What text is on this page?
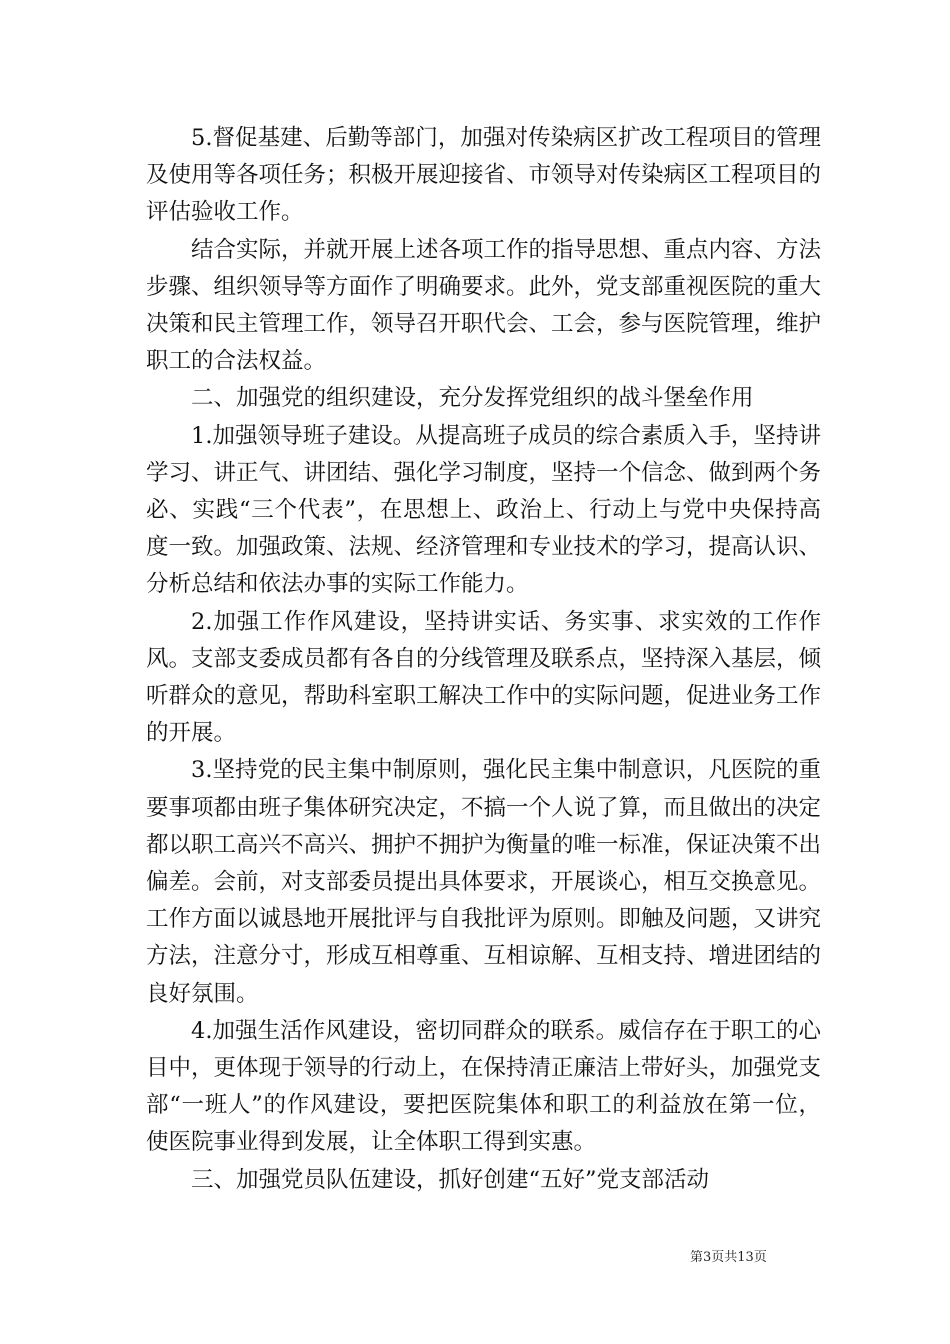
5.督促基建、后勤等部门，加强对传染病区扩改工程项目的管理及使用等各项任务；积极开展迎接省、市领导对传染病区工程项目的评估验收工作。

结合实际，并就开展上述各项工作的指导思想、重点内容、方法步骤、组织领导等方面作了明确要求。此外，党支部重视医院的重大决策和民主管理工作，领导召开职代会、工会，参与医院管理，维护职工的合法权益。

二、加强党的组织建设，充分发挥党组织的战斗堡垒作用

1.加强领导班子建设。从提高班子成员的综合素质入手，坚持讲学习、讲正气、讲团结、强化学习制度，坚持一个信念、做到两个务必、实践“三个代表”，在思想上、政治上、行动上与党中央保持高度一致。加强政策、法规、经济管理和专业技术的学习，提高认识、分析总结和依法办事的实际工作能力。

2.加强工作作风建设，坚持讲实话、务实事、求实效的工作作风。支部支委成员都有各自的分线管理及联系点，坚持深入基层，倾听群众的意见，帮助科室职工解决工作中的实际问题，促进业务工作的开展。

3.坚持党的民主集中制原则，强化民主集中制意识，凡医院的重要事项都由班子集体研究决定，不搞一个人说了算，而且做出的决定都以职工高兴不高兴、拥护不拥护为衡量的唯一标准，保证决策不出偏差。会前，对支部委员提出具体要求，开展谈心，相互交换意见。工作方面以诚恳地开展批评与自我批评为原则。即触及问题，又讲究方法，注意分寸，形成互相尊重、互相谅解、互相支持、增进团结的良好氛围。

4.加强生活作风建设，密切同群众的联系。威信存在于职工的心目中，更体现于领导的行动上，在保持清正廉洁上带好头，加强党支部“一班人”的作风建设，要把医院集体和职工的利益放在第一位，使医院事业得到发展，让全体职工得到实惠。

三、加强党员队伍建设，抓好创建“五好”党支部活动

第3页共13页
